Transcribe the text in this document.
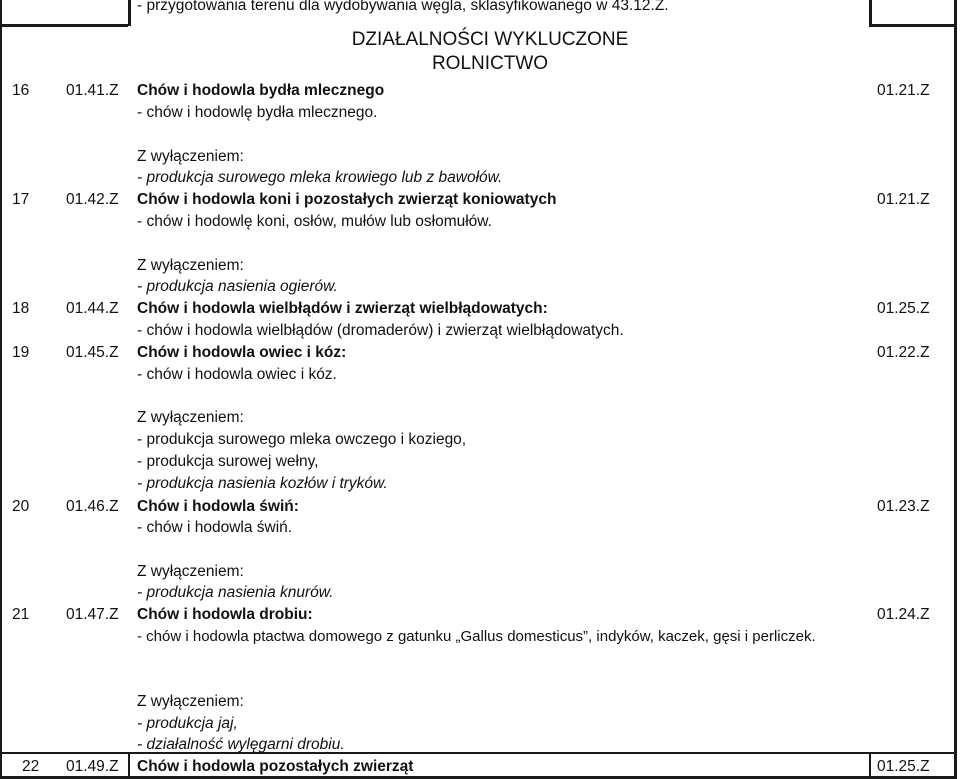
- przygotowania terenu dla wydobywania węgla, sklasyfikowanego w 43.12.Z.
DZIAŁALNOŚCI WYKLUCZONE
ROLNICTWO
16 01.41.Z Chów i hodowla bydła mlecznego
- chów i hodowlę bydła mlecznego.
Z wyłączeniem:
- produkcja surowego mleka krowiego lub z bawołów.
01.21.Z
17 01.42.Z Chów i hodowla koni i pozostałych zwierząt koniowatych
- chów i hodowlę koni, osłów, mułów lub osłomułów.
Z wyłączeniem:
- produkcja nasienia ogierów.
01.21.Z
18 01.44.Z Chów i hodowla wielbłądów i zwierząt wielbłądowatych:
- chów i hodowla wielbłądów (dromaderów) i zwierząt wielbłądowatych.
01.25.Z
19 01.45.Z Chów i hodowla owiec i kóz:
- chów i hodowla owiec i kóz.
Z wyłączeniem:
- produkcja surowego mleka owczego i koziego,
- produkcja surowej wełny,
- produkcja nasienia kozłów i tryków.
01.22.Z
20 01.46.Z Chów i hodowla świń:
- chów i hodowla świń.
Z wyłączeniem:
- produkcja nasienia knurów.
01.23.Z
21 01.47.Z Chów i hodowla drobiu:
- chów i hodowla ptactwa domowego z gatunku „Gallus domesticus”, indyków, kaczek, gęsi i perliczek.
Z wyłączeniem:
- produkcja jaj,
- działalność wylęgarni drobiu.
01.24.Z
22 01.49.Z Chów i hodowla pozostałych zwierząt	01.25.Z
